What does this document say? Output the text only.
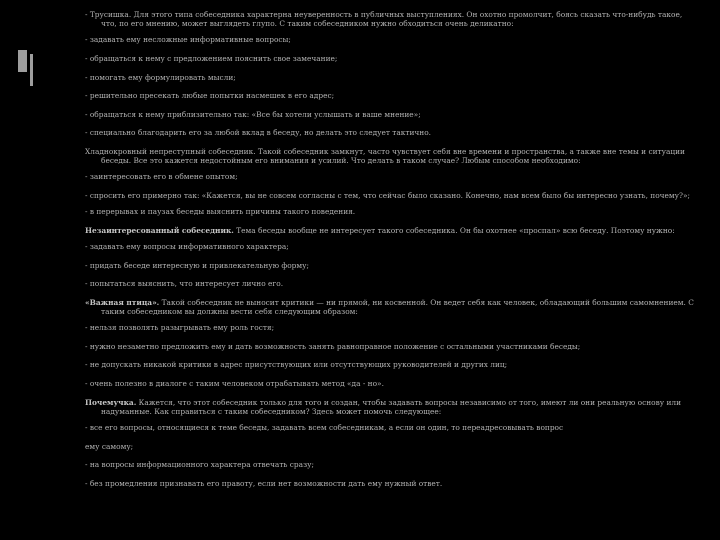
- Трусишка. Для этого типа собеседника характерна неуверенность в публичных выступлениях. Он охотно промолчит, боясь сказать что-нибудь такое, что, по его мнению, может выглядеть глупо. С таким собеседником нужно обходиться очень деликатно:

- задавать ему несложные информативные вопросы;

- обращаться к нему с предложением пояснить свое замечание;

- помогать ему формулировать мысли;

- решительно пресекать любые попытки насмешек в его адрес;

- обращаться к нему приблизительно так: «Все бы хотели услышать и ваше мнение»;

- специально благодарить его за любой вклад в беседу, но делать это следует тактично.

Хладнокровный непреступный собеседник. Такой собеседник замкнут, часто чувствует себя вне времени и пространства, а также вне темы и ситуации беседы. Все это кажется недостойным его внимания и усилий. Что делать в таком случае? Любым способом необходимо:

- заинтересовать его в обмене опытом;

- спросить его примерно так: «Кажется, вы не совсем согласны с тем, что сейчас было сказано. Конечно, нам всем было бы интересно узнать, почему?»;

- в перерывах и паузах беседы выяснить причины такого поведения.

Незаинтересованный собеседник. Тема беседы вообще не интересует такого собеседника. Он бы охотнее «проспал» всю беседу. Поэтому нужно:

- задавать ему вопросы информативного характера;

- придать беседе интересную и привлекательную форму;

- попытаться выяснить, что интересует лично его.

«Важная птица». Такой собеседник не выносит критики — ни прямой, ни косвенной. Он ведет себя как человек, обладающий большим самомнением. С таким собеседником вы должны вести себя следующим образом:

- нельзя позволять разыгрывать ему роль гостя;

- нужно незаметно предложить ему и дать возможность занять равноправное положение с остальными участниками беседы;

- не допускать никакой критики в адрес присутствующих или отсутствующих руководителей и других лиц;

- очень полезно в диалоге с таким человеком отрабатывать метод «да - но».

Почемучка. Кажется, что этот собеседник только для того и создан, чтобы задавать вопросы независимо от того, имеют ли они реальную основу или надуманные. Как справиться с таким собеседником? Здесь может помочь следующее:

- все его вопросы, относящиеся к теме беседы, задавать всем собеседникам, а если он один, то переадресовывать вопрос

ему самому;

- на вопросы информационного характера отвечать сразу;

- без промедления признавать его правоту, если нет возможности дать ему нужный ответ.
